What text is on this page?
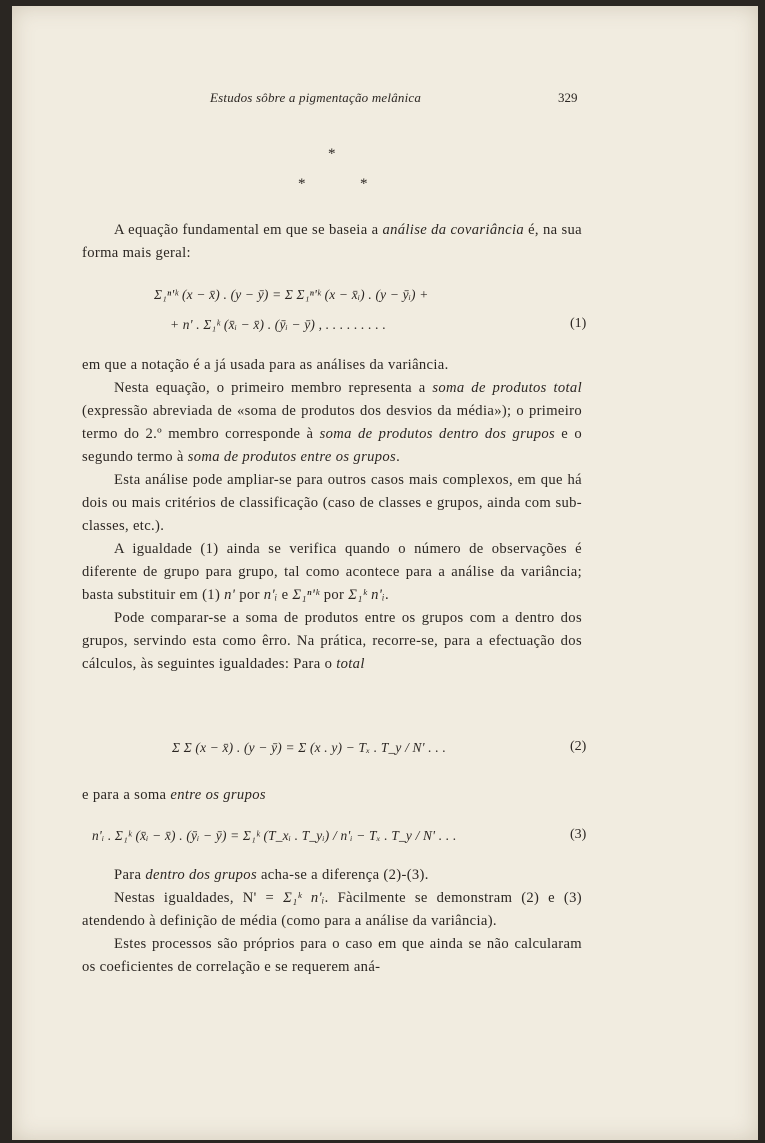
Estudos sôbre a pigmentação melânica	329
*
*	*

A equação fundamental em que se baseia a análise da covariância é, na sua forma mais geral:

Σ₁ⁿ'ᵏ (x − x̄) . (y − ȳ) = Σ Σ₁ⁿ'ᵏ (x − x̄ᵢ) . (y − ȳᵢ) +
+ n' . Σ₁ᵏ (x̄ᵢ − x̄) . (ȳᵢ − ȳ) , . . . . . . . . .	(1)

em que a notação é a já usada para as análises da variância.

Nesta equação, o primeiro membro representa a soma de produtos total (expressão abreviada de «soma de produtos dos desvios da média»); o primeiro termo do 2.º membro corresponde à soma de produtos dentro dos grupos e o segundo termo à soma de produtos entre os grupos.

Esta análise pode ampliar-se para outros casos mais complexos, em que há dois ou mais critérios de classificação (caso de classes e grupos, ainda com sub-classes, etc.).

A igualdade (1) ainda se verifica quando o número de observações é diferente de grupo para grupo, tal como acontece para a análise da variância; basta substituir em (1) n' por n'ᵢ e Σ₁ⁿ'ᵏ por Σ₁ᵏ n'ᵢ.

Pode comparar-se a soma de produtos entre os grupos com a dentro dos grupos, servindo esta como êrro. Na prática, recorre-se, para a efectuação dos cálculos, às seguintes igualdades: Para o total

Σ Σ (x − x̄) . (y − ȳ) = Σ (x . y) − Tₓ . T_y / N' . . .	(2)

e para a soma entre os grupos

n'ᵢ . Σ₁ᵏ (x̄ᵢ − x̄) . (ȳᵢ − ȳ) = Σ₁ᵏ (T_xᵢ . T_yᵢ) / n'ᵢ − Tₓ . T_y / N' . . .	(3)

Para dentro dos grupos acha-se a diferença (2)-(3).

Nestas igualdades, N' = Σ₁ᵏ n'ᵢ. Fàcilmente se demonstram (2) e (3) atendendo à definição de média (como para a análise da variância).

Estes processos são próprios para o caso em que ainda se não calcularam os coeficientes de correlação e se requerem aná-
